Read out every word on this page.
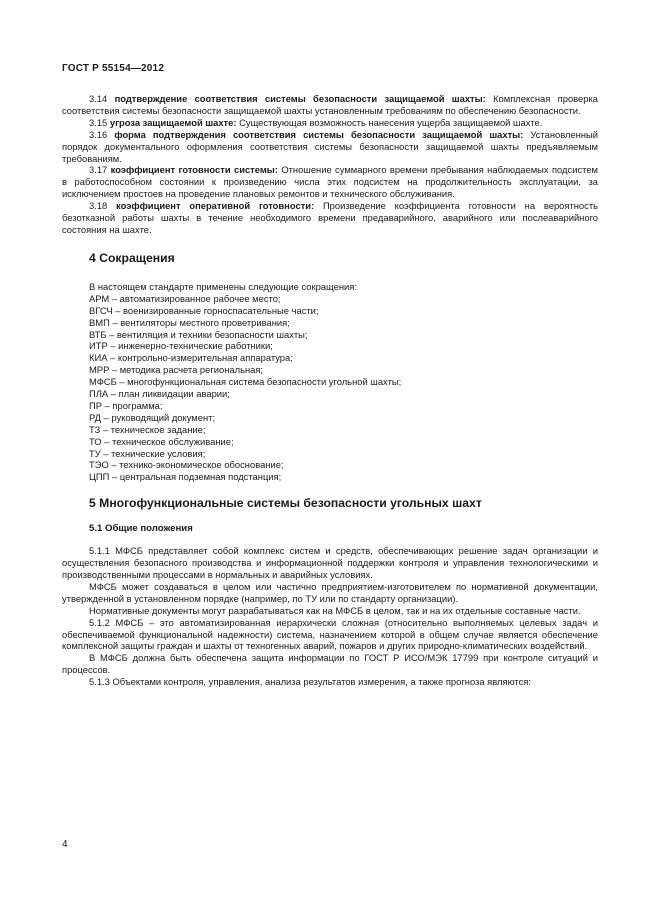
ГОСТ Р 55154—2012

3.14 подтверждение соответствия системы безопасности защищаемой шахты: Комплексная проверка соответствия системы безопасности защищаемой шахты установленным требованиям по обеспечению безопасности.

3.15 угроза защищаемой шахте: Существующая возможность нанесения ущерба защищаемой шахте.

3.16 форма подтверждения соответствия системы безопасности защищаемой шахты: Установленный порядок документального оформления соответствия системы безопасности защищаемой шахты предъявляемым требованиям.

3.17 коэффициент готовности системы: Отношение суммарного времени пребывания наблюдаемых подсистем в работоспособном состоянии к произведению числа этих подсистем на продолжительность эксплуатации, за исключением простоев на проведение плановых ремонтов и технического обслуживания.

3.18 коэффициент оперативной готовности: Произведение коэффициента готовности на вероятность безотказной работы шахты в течение необходимого времени предаварийного, аварийного или послеаварийного состояния на шахте.

4 Сокращения
В настоящем стандарте применены следующие сокращения:
АРМ – автоматизированное рабочее место;
ВГСЧ – военизированные горноспасательные части;
ВМП – вентиляторы местного проветривания;
ВТБ – вентиляция и техники безопасности шахты;
ИТР – инженерно-технические работники;
КИА – контрольно-измерительная аппаратура;
МРР – методика расчета региональная;
МФСБ – многофункциональная система безопасности угольной шахты;
ПЛА – план ликвидации аварии;
ПР – программа;
РД – руководящий документ;
ТЗ – техническое задание;
ТО – техническое обслуживание;
ТУ – технические условия;
ТЭО – технико-экономическое обоснование;
ЦПП – центральная подземная подстанция;
5 Многофункциональные системы безопасности угольных шахт
5.1 Общие положения

5.1.1 МФСБ представляет собой комплекс систем и средств, обеспечивающих решение задач организации и осуществления безопасного производства и информационной поддержки контроля и управления технологическими и производственными процессами в нормальных и аварийных условиях.

МФСБ может создаваться в целом или частично предприятием-изготовителем по нормативной документации, утвержденной в установленном порядке (например, по ТУ или по стандарту организации).

Нормативные документы могут разрабатываться как на МФСБ в целом, так и на их отдельные составные части.

5.1.2 МФСБ – это автоматизированная иерархически сложная (относительно выполняемых целевых задач и обеспечиваемой функциональной надежности) система, назначением которой в общем случае является обеспечение комплексной защиты граждан и шахты от техногенных аварий, пожаров и других природно-климатических воздействий.

В МФСБ должна быть обеспечена защита информации по ГОСТ Р ИСО/МЭК 17799 при контроле ситуаций и процессов.

5.1.3 Объектами контроля, управления, анализа результатов измерения, а также прогноза являются:

4
